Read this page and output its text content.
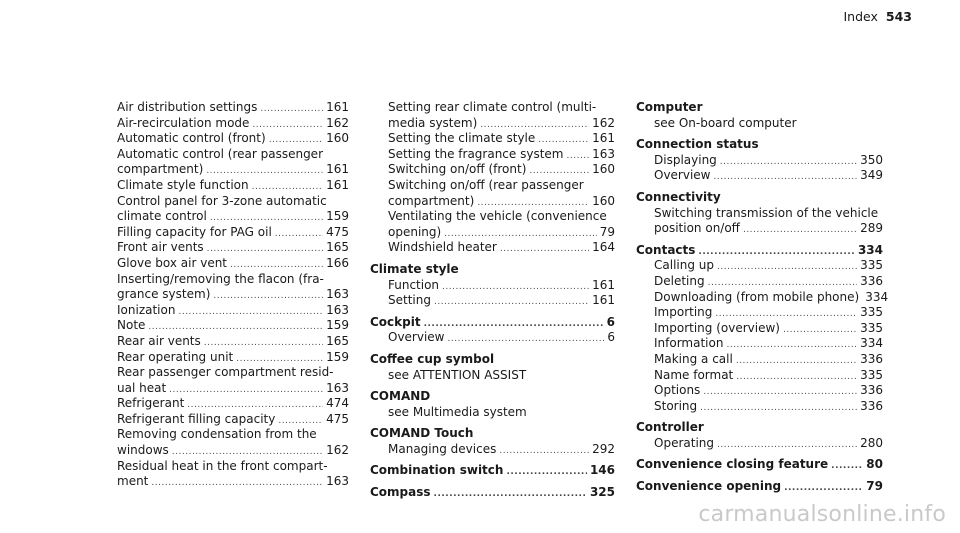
Index 543
Air distribution settings .....	161
Air-recirculation mode .....	162
Automatic control (front) .....	160
Automatic control (rear passenger
compartment) .....	161
Climate style function .....	161
Control panel for 3-zone automatic
climate control .....	159
Filling capacity for PAG oil .....	475
Front air vents .....	165
Glove box air vent .....	166
Inserting/removing the flacon (fra-
grance system) .....	163
Ionization .....	163
Note .....	159
Rear air vents .....	165
Rear operating unit .....	159
Rear passenger compartment resid-
ual heat .....	163
Refrigerant .....	474
Refrigerant filling capacity .....	475
Removing condensation from the
windows .....	162
Residual heat in the front compart-
ment .....	163
Setting rear climate control (multi-
media system) .....	162
Setting the climate style .....	161
Setting the fragrance system ..... 163
Switching on/off (front) .....	160
Switching on/off (rear passenger
compartment) .....	160
Ventilating the vehicle (convenience
opening) .....	79
Windshield heater .....	164
Climate style
Function .....	161
Setting .....	161
Cockpit .....	6
Overview .....	6
Coffee cup symbol
see ATTENTION ASSIST
COMAND
see Multimedia system
COMAND Touch
Managing devices .....	292
Combination switch .....	146
Compass .....	325
Computer
see On-board computer
Connection status
Displaying .....	350
Overview .....	349
Connectivity
Switching transmission of the vehicle
position on/off .....	289
Contacts .....	334
Calling up .....	335
Deleting .....	336
Downloading (from mobile phone) 334
Importing .....	335
Importing (overview) .....	335
Information .....	334
Making a call .....	336
Name format .....	335
Options .....	336
Storing .....	336
Controller
Operating .....	280
Convenience closing feature .....	80
Convenience opening .....	79
carmanualsonline.info
